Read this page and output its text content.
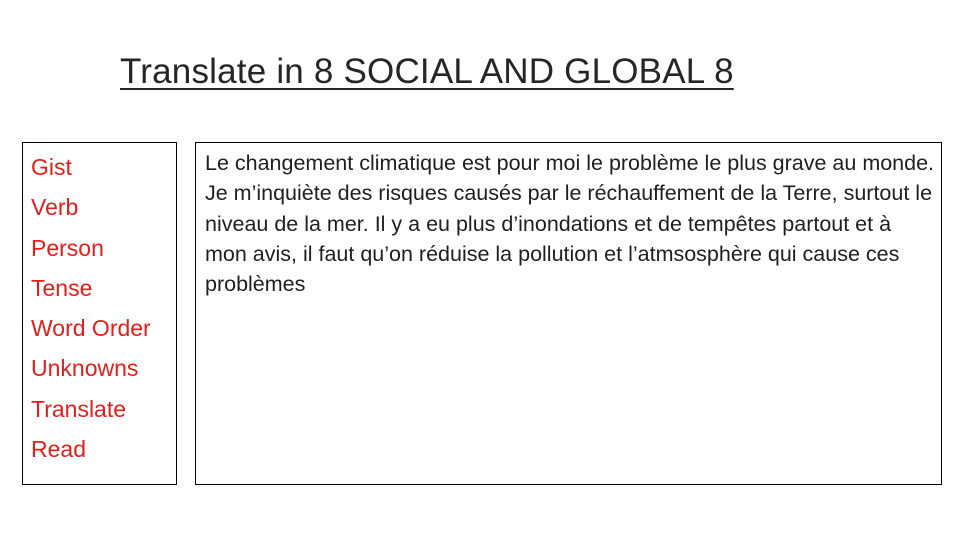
Translate in 8 SOCIAL AND GLOBAL 8
Gist
Verb
Person
Tense
Word Order
Unknowns
Translate
Read

Le changement climatique est pour moi le problème le plus grave au monde. Je m’inquiète des risques causés par le réchauffement de la Terre, surtout le niveau de la mer. Il y a eu plus d’inondations et de tempêtes partout et à mon avis, il faut qu’on réduise la pollution et l’atmsosphère qui cause ces problèmes
